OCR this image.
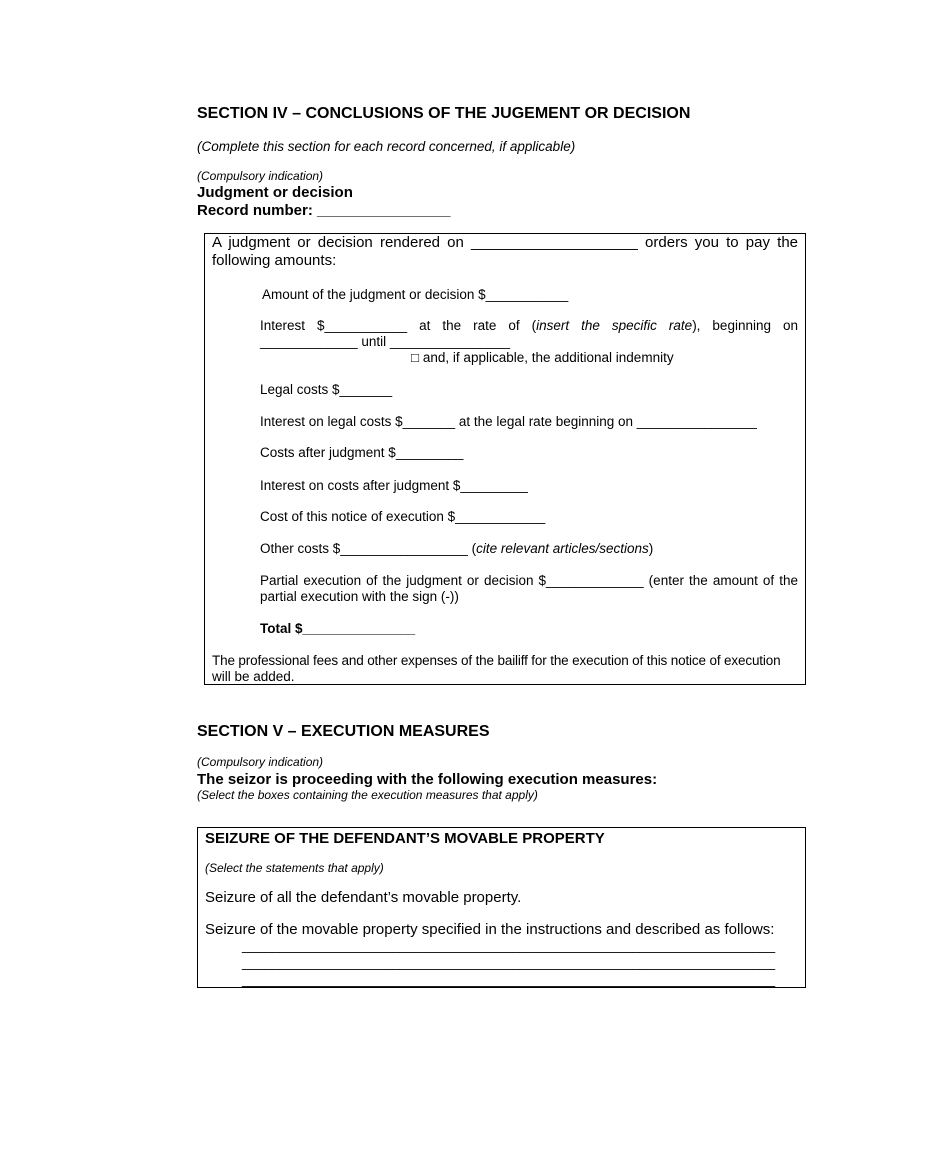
SECTION IV – CONCLUSIONS OF THE JUGEMENT OR DECISION
(Complete this section for each record concerned, if applicable)
(Compulsory indication)
Judgment or decision
Record number: ________________
A judgment or decision rendered on ____________________ orders you to pay the
following amounts:
Amount of the judgment or decision $___________
Interest $___________ at the rate of (insert the specific rate), beginning on
_____________ until ________________
□ and, if applicable, the additional indemnity
Legal costs $_______
Interest on legal costs $_______ at the legal rate beginning on ________________
Costs after judgment $_________
Interest on costs after judgment $_________
Cost of this notice of execution $____________
Other costs $_________________ (cite relevant articles/sections)
Partial execution of the judgment or decision $_____________ (enter the amount of the
partial execution with the sign (-))
Total $_______________
The professional fees and other expenses of the bailiff for the execution of this notice of execution
will be added.
SECTION V – EXECUTION MEASURES
(Compulsory indication)
The seizor is proceeding with the following execution measures:
(Select the boxes containing the execution measures that apply)
SEIZURE OF THE DEFENDANT’S MOVABLE PROPERTY
(Select the statements that apply)
Seizure of all the defendant’s movable property.
Seizure of the movable property specified in the instructions and described as follows:
_______________________________________________________________________
_______________________________________________________________________
_______________________________________________________________________
